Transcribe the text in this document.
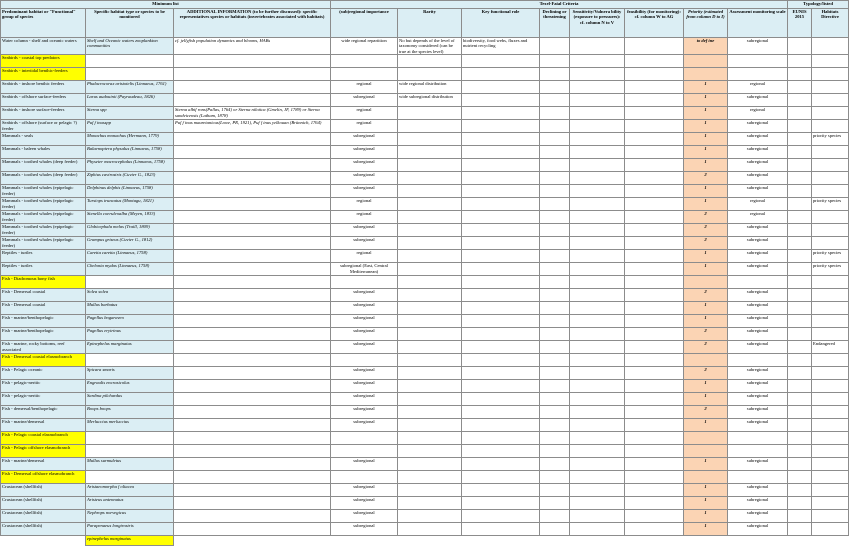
Minimum list			Texel-Faial Criteria								Typology/listed	
Predominant habitat or "Functional" group of species	Specific habitat type or species to be monitored	ADDITIONAL INFORMATION (to be further discussed): specific representatives species or habitats (invertebrates associated with habitats)	(sub)regional importance	Rarity	Key functional role	Declining or threatening	Sensitivity/Vulnera bility (exposure to pressures): cf. column N to V	feasibility (for monitoring): cf. column W to AG	Priority (estimated from column D to I)	Assessment monitoring scale	EUNIS 2015	Habitats Directive
Water column - shelf and oceanic waters	Shelf and Oceanic waters zooplankton communities	cf. jellyfish population dynamics and blooms, HABs	wide regional repartition	No but depends of the level of taxonomy considered (can be true at the species level)	biodiversity, food webs, fluxes and nutrient recycling				to def ine	subregional		
Seabirds - coastal top predators												
Seabirds - intertidal benthic-feeders												
Seabirds - inshore benthic feeders	Phalacrocorax aristotelis (Linnaeus, 1761)		regional	wide regional distribution					1	regional		
Seabirds - offshore surface-feeders	Larus audouinii (Payraudeau, 1826)		subregional	wide subregional distribution					1	subregional		
Seabirds - inshore surface-feeders	Sterna spp	Sterna albif rons(Pallas, 1764) or Sterna nilotica (Gmelin, JF, 1789) or Sterna sandvicensis (Latham, 1878)	regional						1	regional		
Seabirds - offshore (surface or pelagic ?) feeder	Puf f inusspp	Puf f inus mauretanicus(Lowe, PR, 1921), Puf f inus yelkouan (Brünnich, 1764)	regional						1	subregional		
Mammals - seals	Monachus monachus (Hermann, 1779)		subregional						1	subregional		priority species
Mammals - baleen whales	Balaenoptera physalus (Linnaeus, 1758)		subregional						1	subregional		
Mammals - toothed whales (deep feeder)	Physeter macrocephalus (Linnaeus, 1758)		subregional						1	subregional		
Mammals - toothed whales (deep feeder)	Ziphius cavirostris (Cuvier G., 1823)		subregional						2	subregional		
Mammals - toothed whales (epipelagic feeder)	Delphinus delphis (Linnaeus, 1758)		subregional						1	subregional		
Mammals - toothed whales (epipelagic feeder)	Tursiops truncatus (Montagu, 1821)		regional						1	regional		priority species
Mammals - toothed whales (epipelagic feeder)	Stenella coeruleoalba (Meyen, 1833)		regional						2	regional		
Mammals - toothed whales (epipelagic feeder)	Globicephala melas (Traill, 1809)		subregional						2	subregional		
Mammals - toothed whales (epipelagic feeder)	Grampus griseus (Cuvier G., 1812)		subregional						2	subregional		
Reptiles - turtles	Caretta caretta (Linnaeus, 1758)		regional						1	subregional		priority species
Reptiles - turtles	Chelonia mydas (Linnaeus, 1758)		subregional (East, Central Mediterranean)						1	subregional		priority species
Fish - Diadromous bony fish												
Fish - Demersal coastal	Solea solea		subregional						2	subregional		
Fish - Demersal coastal	Mullus barbatus		subregional						1	subregional		
Fish - marine/benthopelagic	Pagellus bogaraveo		subregional						1	subregional		
Fish - marine/benthopelagic	Pagellus erytrinus		subregional						2	subregional		
Fish - marine, rocky bottoms, reef associated	Epinephelus marginatus		subregional						2	subregional		Endangered
Fish - Demersal coastal elasmobranch												
Fish - Pelagic oceanic	Spicara smaris		subregional						2	subregional		
Fish - pelagic-neritic	Engraulis encrasicolus		subregional						1	subregional		
Fish - pelagic-neritic	Sardina pilchardus		subregional						1	subregional		
Fish - demersal/benthopelagic	Boops boops		subregional						2	subregional		
Fish - marine/demersal	Merluccius merluccius		subregional						1	subregional		
Fish - Pelagic coastal elasmobranch												
Fish - Pelagic offshore elasmobranch												
Fish - marine/demersal	Mullus surmuletus		subregional						1	subregional		
Fish - Demersal offshore elasmobranch												
Crustacean (shellfish)	Aristaeomorpha f oliacea		subregional						1	subregional		
Crustacean (shellfish)	Aristeus antennatus		subregional						1	subregional		
Crustacean (shellfish)	Nephrops norvegicus		subregional						1	subregional		
Crustacean (shellfish)	Parapenaeus longirostris		subregional						1	subregional		
	epinephelus marginatus											
